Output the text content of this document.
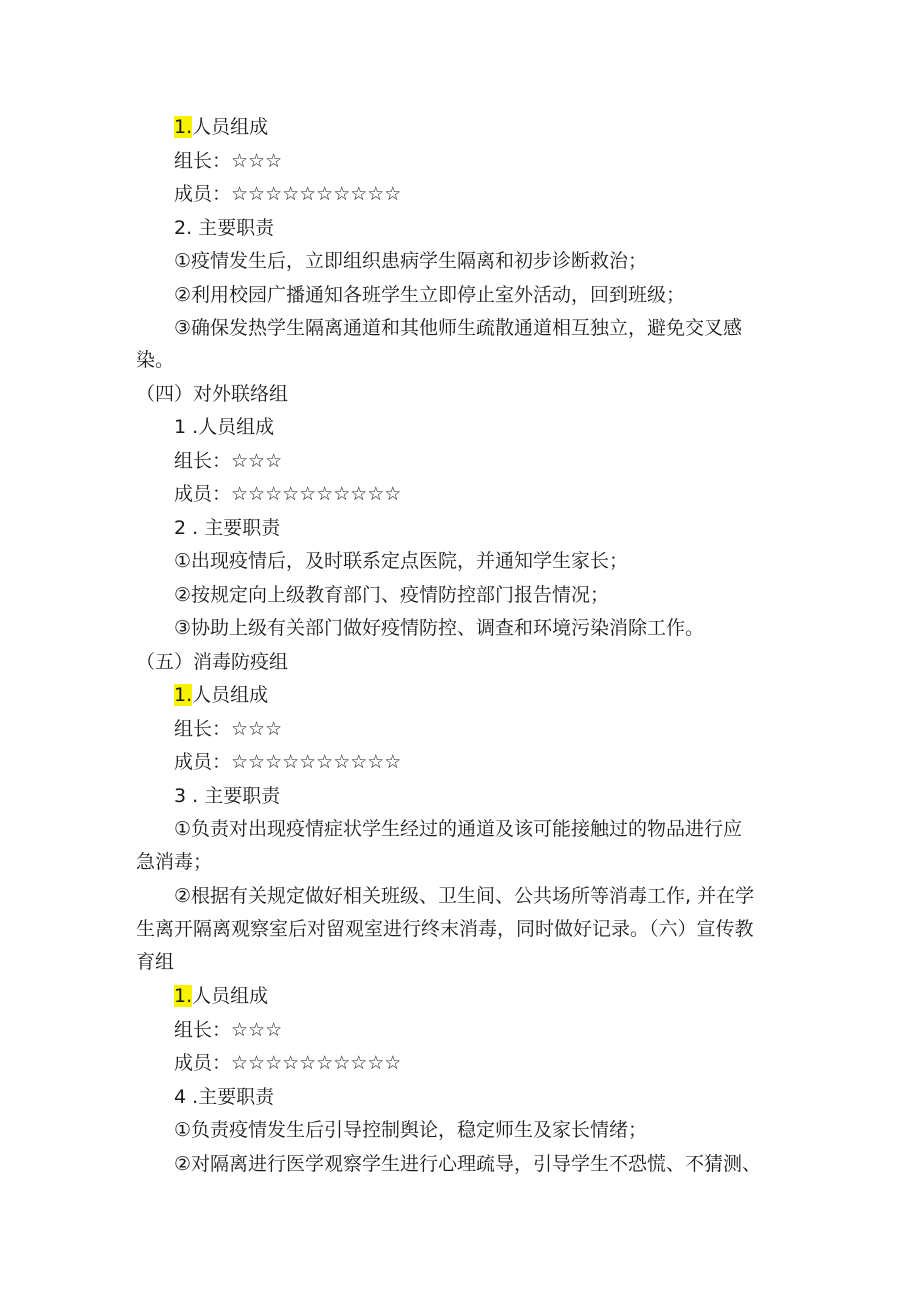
1.人员组成
组长：☆☆☆
成员：☆☆☆☆☆☆☆☆☆☆
2. 主要职责
①疫情发生后，立即组织患病学生隔离和初步诊断救治；
②利用校园广播通知各班学生立即停止室外活动，回到班级；
③确保发热学生隔离通道和其他师生疏散通道相互独立，避免交叉感
染。
（四）对外联络组
1 .人员组成
组长：☆☆☆
成员：☆☆☆☆☆☆☆☆☆☆
2 . 主要职责
①出现疫情后，及时联系定点医院，并通知学生家长；
②按规定向上级教育部门、疫情防控部门报告情况；
③协助上级有关部门做好疫情防控、调查和环境污染消除工作。
（五）消毒防疫组
1.人员组成
组长：☆☆☆
成员：☆☆☆☆☆☆☆☆☆☆
3 . 主要职责
①负责对出现疫情症状学生经过的通道及该可能接触过的物品进行应
急消毒；
②根据有关规定做好相关班级、卫生间、公共场所等消毒工作, 并在学
生离开隔离观察室后对留观室进行终末消毒，同时做好记录。（六）宣传教
育组
1.人员组成
组长：☆☆☆
成员：☆☆☆☆☆☆☆☆☆☆
4 .主要职责
①负责疫情发生后引导控制舆论，稳定师生及家长情绪；
②对隔离进行医学观察学生进行心理疏导，引导学生不恐慌、不猜测、
